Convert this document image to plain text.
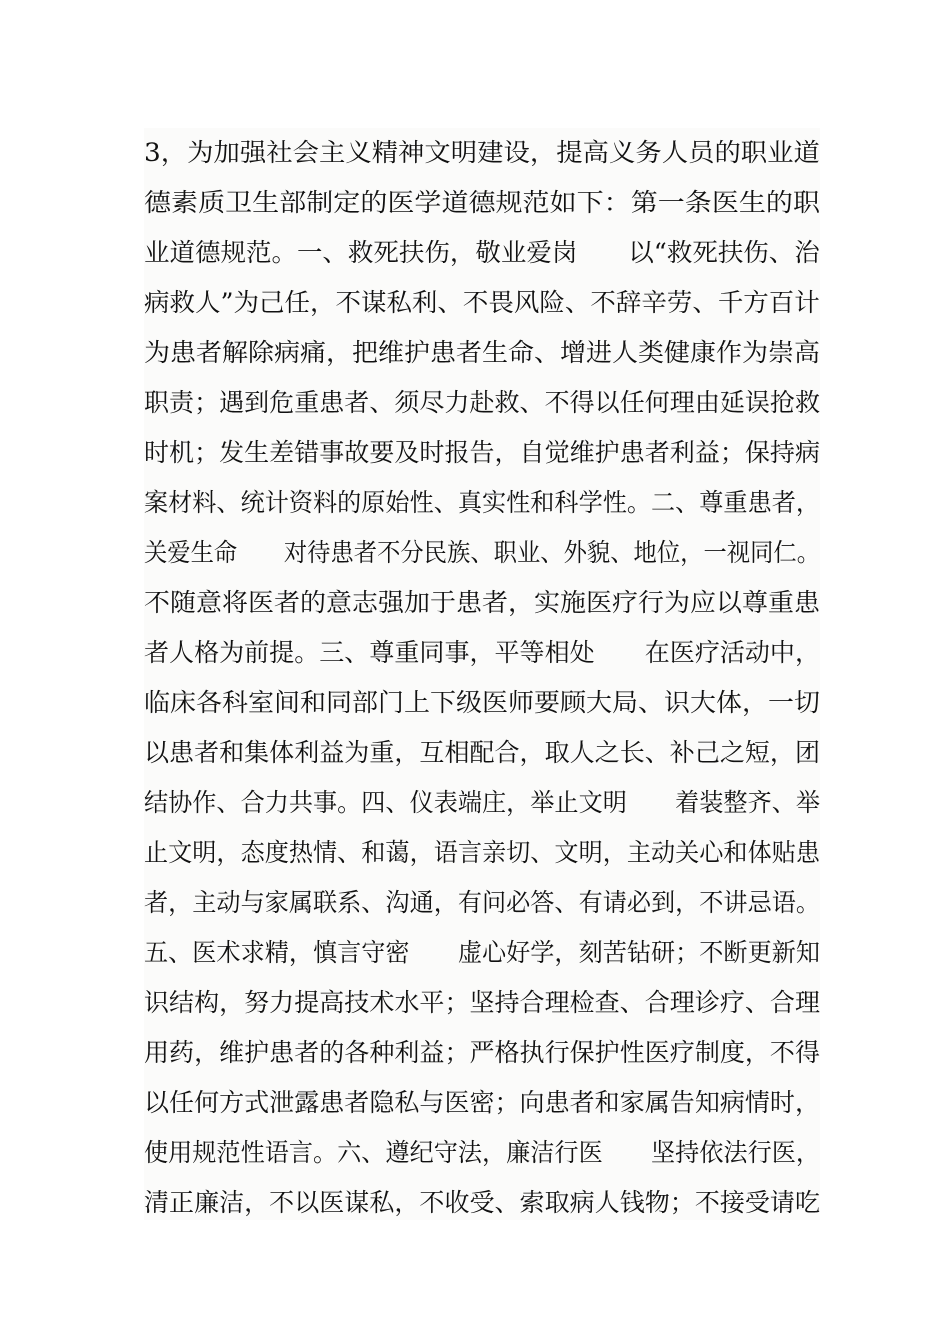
3，为加强社会主义精神文明建设，提高义务人员的职业道
德素质卫生部制定的医学道德规范如下：第一条医生的职
业道德规范。一、救死扶伤，敬业爱岗　　以“救死扶伤、治
病救人”为己任，不谋私利、不畏风险、不辞辛劳、千方百计
为患者解除病痛，把维护患者生命、增进人类健康作为崇高
职责；遇到危重患者、须尽力赴救、不得以任何理由延误抢救
时机；发生差错事故要及时报告，自觉维护患者利益；保持病
案材料、统计资料的原始性、真实性和科学性。二、尊重患者，
关爱生命　　对待患者不分民族、职业、外貌、地位，一视同仁。
不随意将医者的意志强加于患者，实施医疗行为应以尊重患
者人格为前提。三、尊重同事，平等相处　　在医疗活动中，
临床各科室间和同部门上下级医师要顾大局、识大体，一切
以患者和集体利益为重，互相配合，取人之长、补己之短，团
结协作、合力共事。四、仪表端庄，举止文明　　着装整齐、举
止文明，态度热情、和蔼，语言亲切、文明，主动关心和体贴患
者，主动与家属联系、沟通，有问必答、有请必到，不讲忌语。
五、医术求精，慎言守密　　虚心好学，刻苦钻研；不断更新知
识结构，努力提高技术水平；坚持合理检查、合理诊疗、合理
用药，维护患者的各种利益；严格执行保护性医疗制度，不得
以任何方式泄露患者隐私与医密；向患者和家属告知病情时，
使用规范性语言。六、遵纪守法，廉洁行医　　坚持依法行医，
清正廉洁，不以医谋私，不收受、索取病人钱物；不接受请吃
